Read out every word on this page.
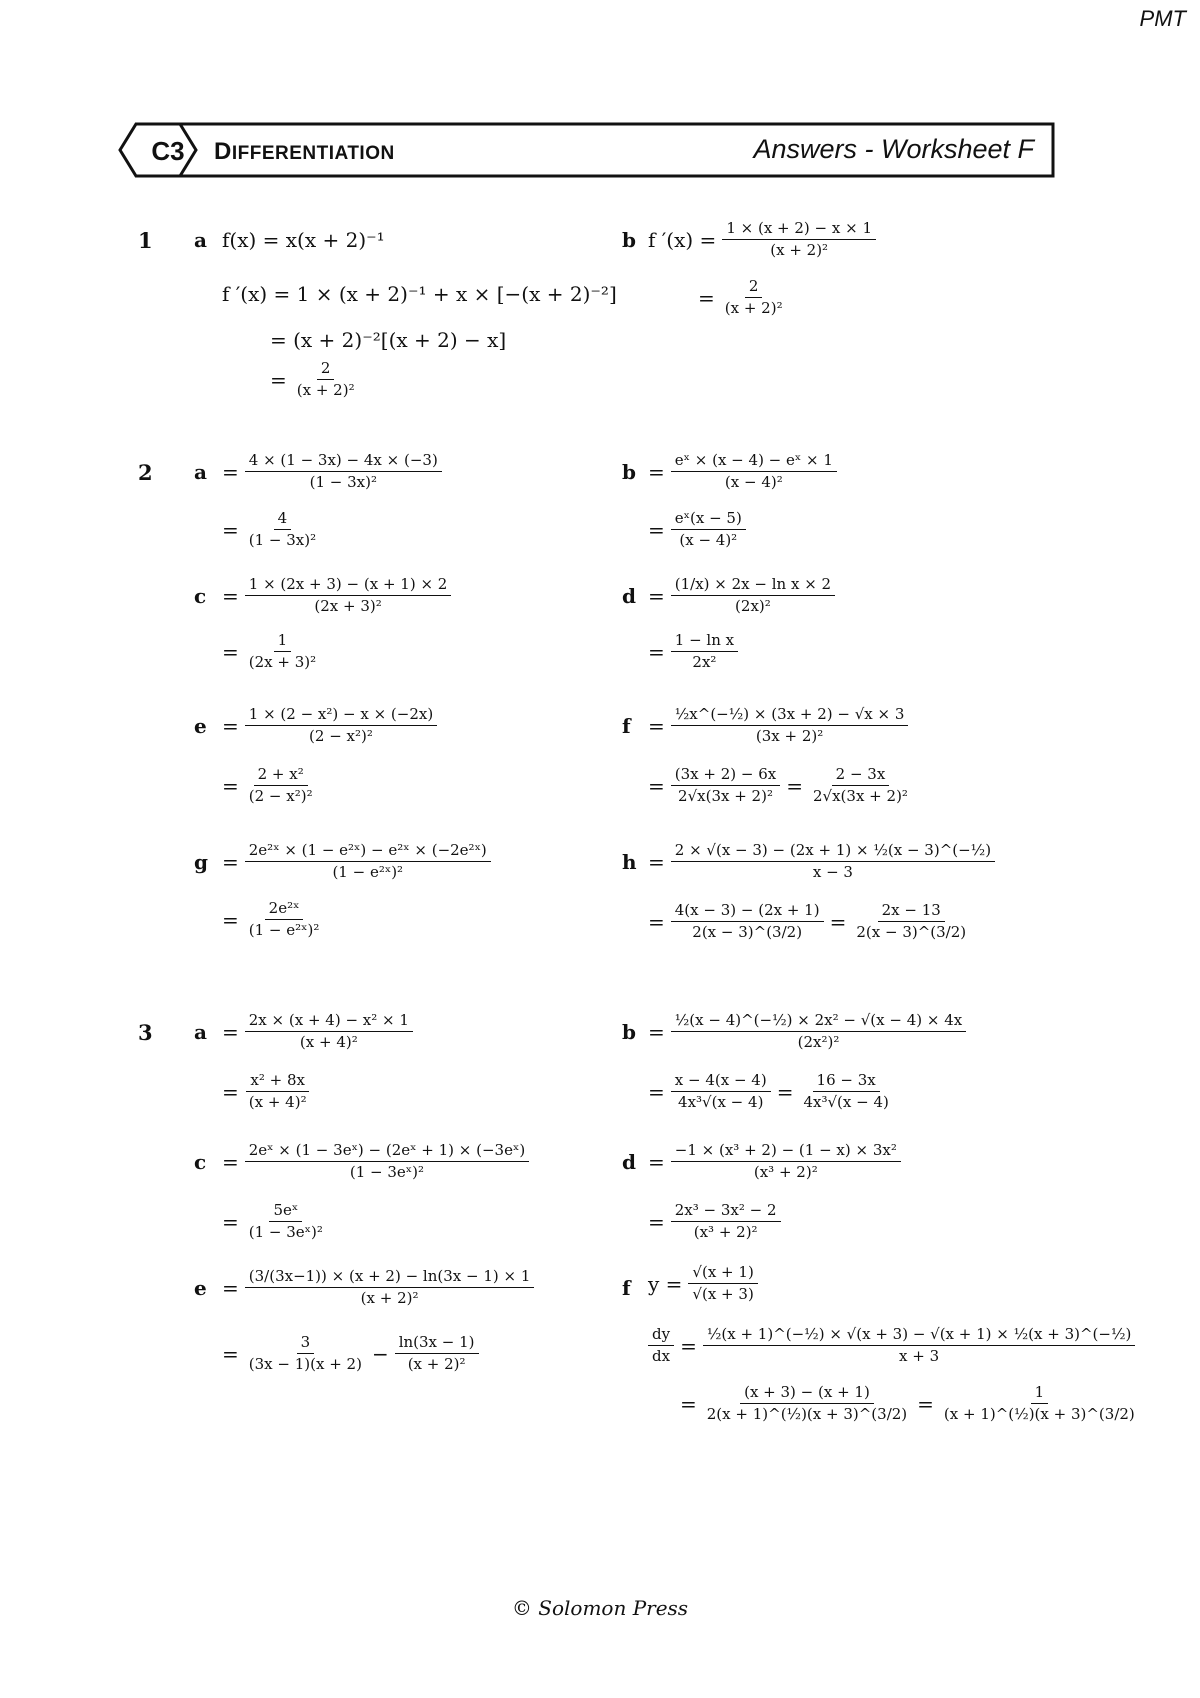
PMT
C3	DIFFERENTIATION	Answers - Worksheet F
1 a f(x) = x(x + 2)⁻¹
f ′(x) = 1 × (x + 2)⁻¹ + x × [−(x + 2)⁻²]
= (x + 2)⁻²[(x + 2) − x]
= $\frac{2}{\text{(x + 2)²}}$
b f $'(x) = \frac{1 \times (x + 2) - x \times 1}{\text{(x + 2)²}}$
= $\frac{2}{\text{(x + 2)²}}$
2 $a = \frac{4 \times (1 - 3x) - 4x \times (-3)}{\text{(1 − 3x)²}}$
= $\frac{4}{\text{(1 − 3x)²}}$
$b = \frac{\text{eˣ × (x − 4) − eˣ × 1}}{\text{(x − 4)²}}$
= $\frac{\text{eˣ(x − 5)}}{\text{(x − 4)²}}$
$c = \frac{1 \times (2x + 3) - (x + 1) \times 2}{\text{(2x + 3)²}}$
= $\frac{1}{\text{(2x + 3)²}}$
$d = \frac{\text{(1/x) × 2x − ln x × 2}}{\text{(2x)²}}$
= $\frac{\text{1 − ln x}}{\text{2x²}}$
$e = \frac{\text{1 × (2 − x²) − x × (−2x)}}{\text{(2 − x²)²}}$
= $\frac{\text{2 + x²}}{\text{(2 − x²)²}}$
$f = \frac{\text{½x\textasciicircum{}(−½) × (3x + 2) − √x × 3}}{\text{(3x + 2)²}}$
= $\frac{(3x + 2) - 6x}{\text{2√x(3x + 2)²}} = \frac{2 - 3x}{\text{2√x(3x + 2)²}}$
$g = \frac{\text{2e²ˣ × (1 − e²ˣ) − e²ˣ × (−2e²ˣ)}}{\text{(1 − e²ˣ)²}}$
= $\frac{\text{2e²ˣ}}{\text{(1 − e²ˣ)²}}$
$h = \frac{\text{2 × √(x − 3) − (2x + 1) × ½(x − 3)\textasciicircum{}(−½)}}{x - 3}$
= $\frac{4(x - 3) - (2x + 1)}{2(x - 3)\^{}(3/2)} = \frac{2x - 13}{2(x - 3)\^{}(3/2)}$
3 $a = \frac{\text{2x × (x + 4) − x² × 1}}{\text{(x + 4)²}}$
= $\frac{\text{x² + 8x}}{\text{(x + 4)²}}$
$b = \frac{\text{½(x − 4)\textasciicircum{}(−½) × 2x² − √(x − 4) × 4x}}{\text{(2x²)²}}$
= $\frac{x - 4(x - 4)}{\text{4x³√(x − 4)}} = \frac{16 - 3x}{\text{4x³√(x − 4)}}$
$c = \frac{\text{2eˣ × (1 − 3eˣ) − (2eˣ + 1) × (−3eˣ)}}{\text{(1 − 3eˣ)²}}$
= $\frac{\text{5eˣ}}{\text{(1 − 3eˣ)²}}$
$d = \frac{\text{−1 × (x³ + 2) − (1 − x) × 3x²}}{\text{(x³ + 2)²}}$
= $\frac{\text{2x³ − 3x² − 2}}{\text{(x³ + 2)²}}$
$e = \frac{(3/(3x-1)) \times (x + 2) - \ln(3x - 1) \times 1}{\text{(x + 2)²}}$
= $\frac{3}{(3x - 1)(x + 2)} - \frac{\ln(3x - 1)}{\text{(x + 2)²}}$
f $y = \frac{√(x + 1)}{√(x + 3)}$
$\frac{dy}{dx} = \frac{\text{½(x + 1)\textasciicircum{}(−½) × √(x + 3) − √(x + 1) × ½(x + 3)\textasciicircum{}(−½)}}{x + 3}$
= $\frac{(x + 3) - (x + 1)}{\text{2(x + 1)\textasciicircum{}(½)(x + 3)\textasciicircum{}(3/2)}} = \frac{1}{\text{(x + 1)\textasciicircum{}(½)(x + 3)\textasciicircum{}(3/2)}}$
© Solomon Press
